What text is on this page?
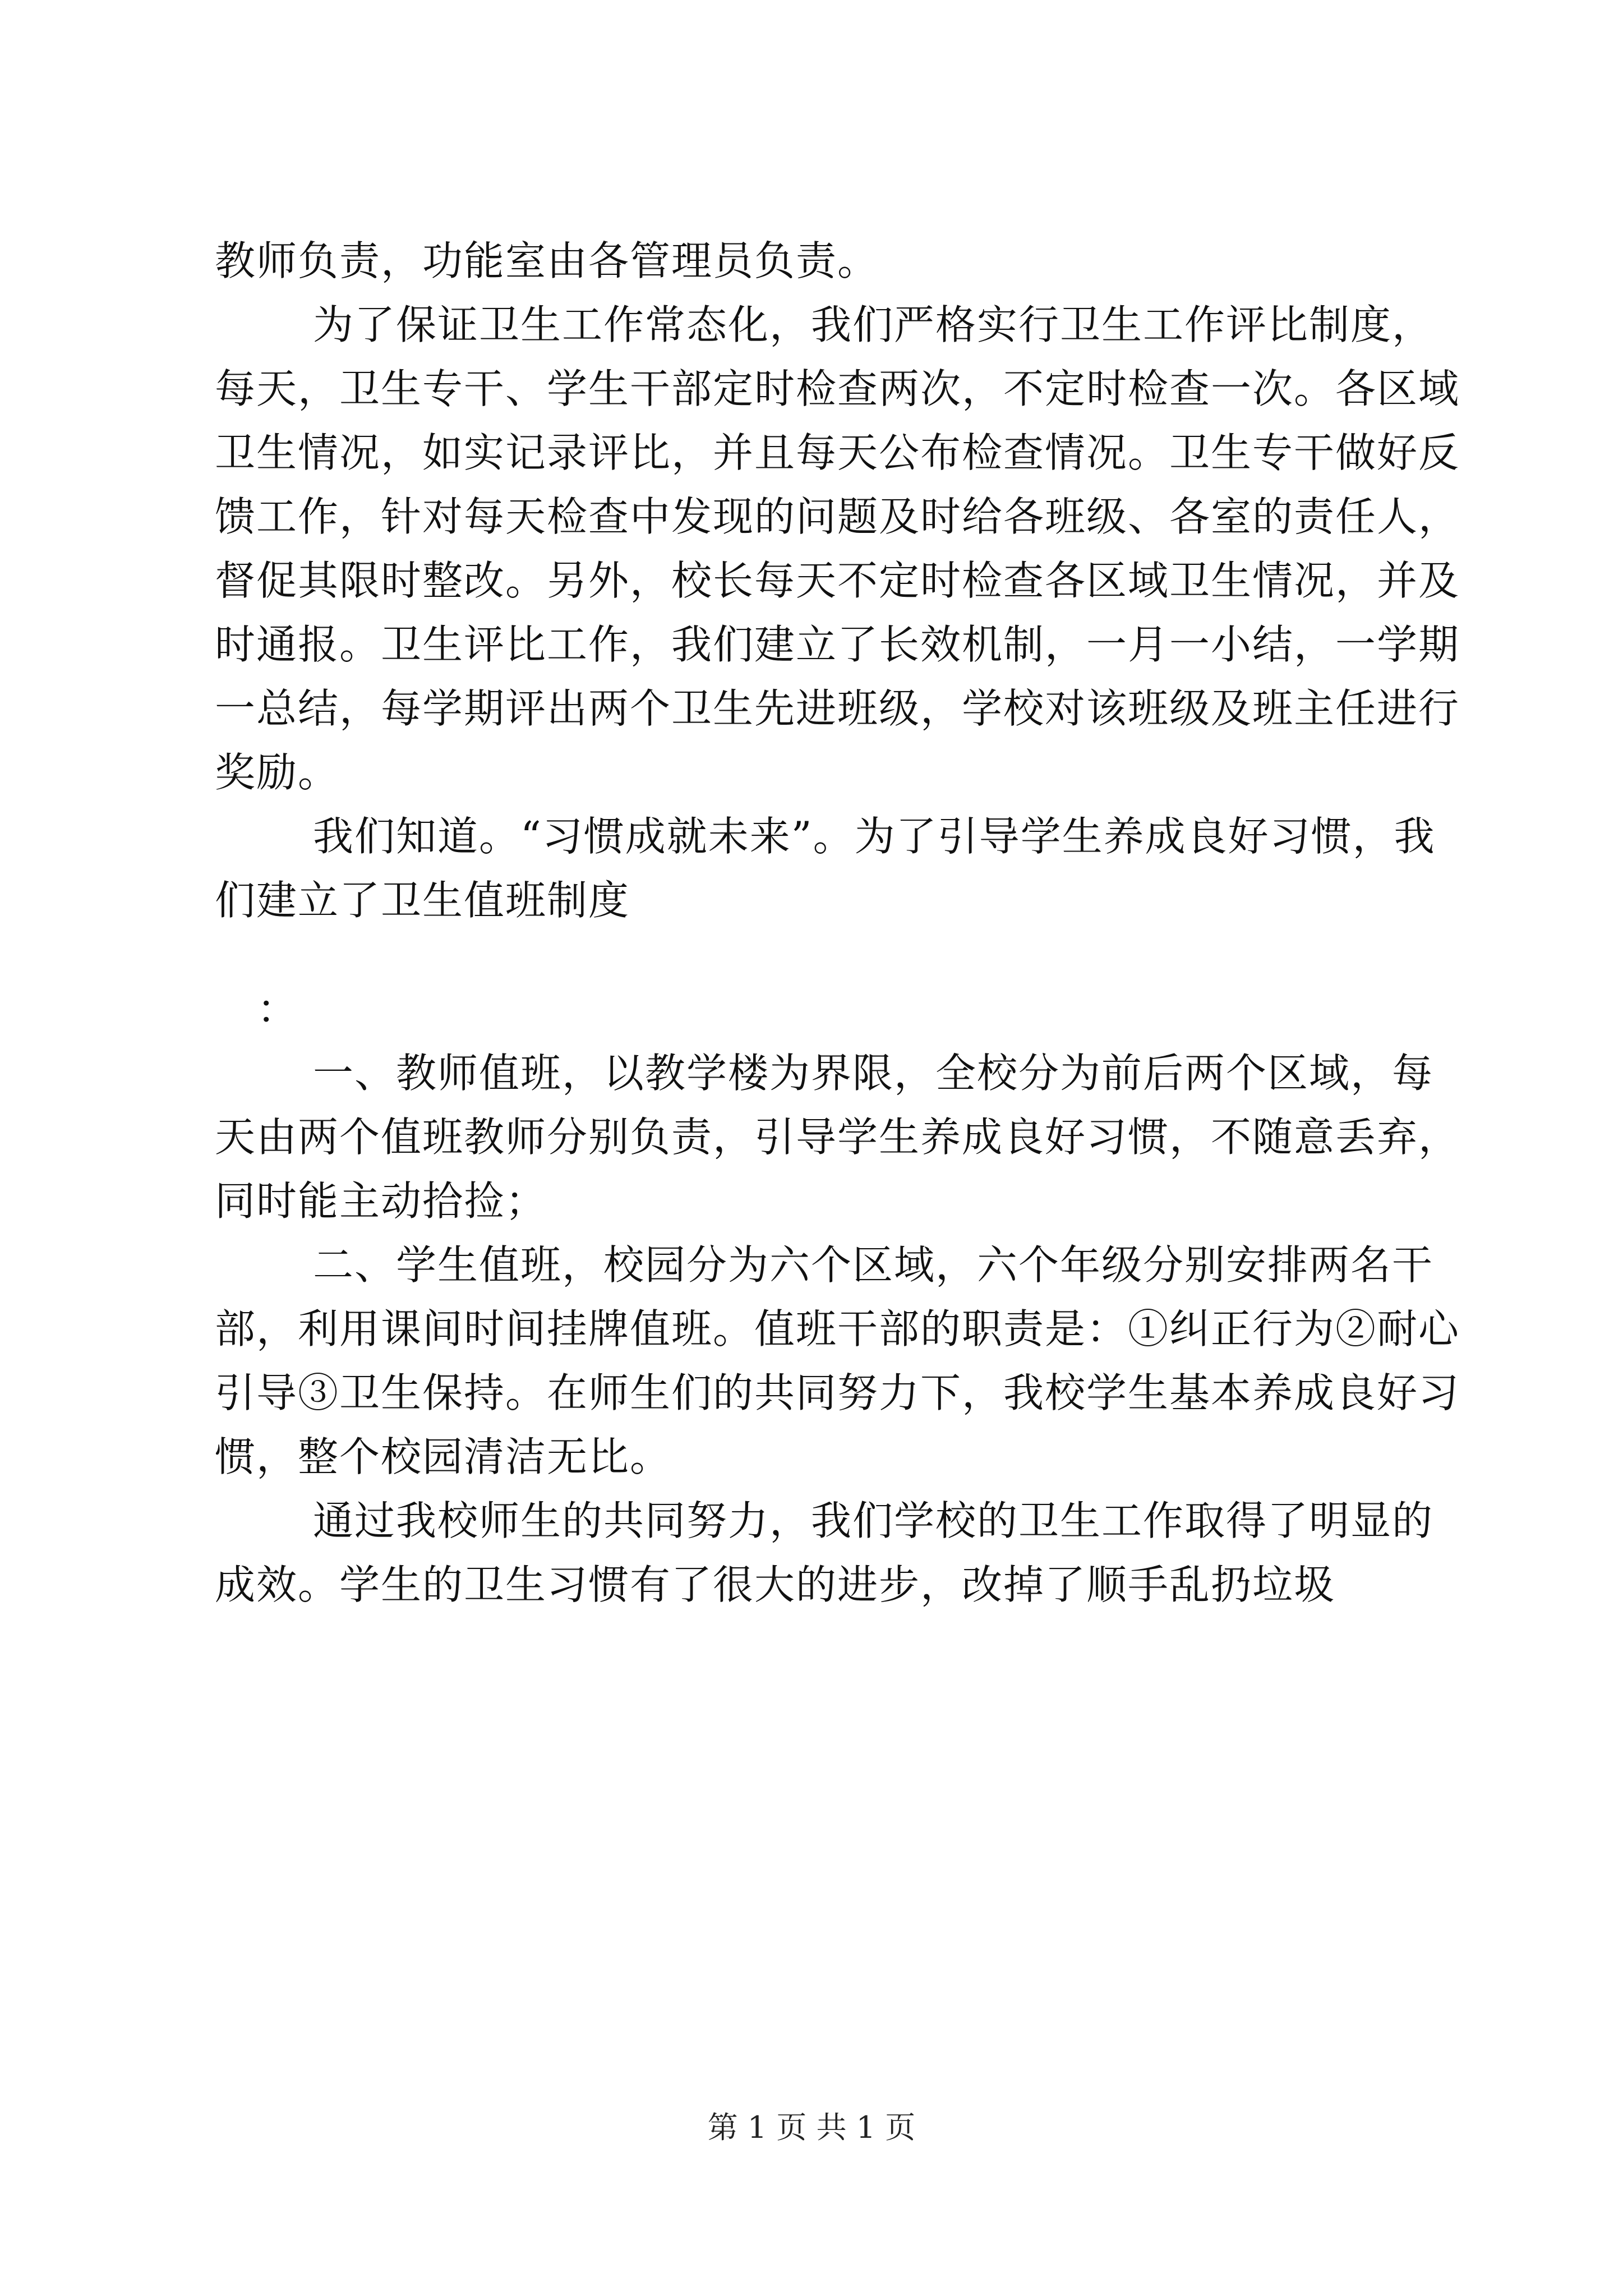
教师负责，功能室由各管理员负责。

为了保证卫生工作常态化，我们严格实行卫生工作评比制度，每天，卫生专干、学生干部定时检查两次，不定时检查一次。各区域卫生情况，如实记录评比，并且每天公布检查情况。卫生专干做好反馈工作，针对每天检查中发现的问题及时给各班级、各室的责任人，督促其限时整改。另外，校长每天不定时检查各区域卫生情况，并及时通报。卫生评比工作，我们建立了长效机制，一月一小结，一学期一总结，每学期评出两个卫生先进班级，学校对该班级及班主任进行奖励。

我们知道。“习惯成就未来”。为了引导学生养成良好习惯，我们建立了卫生值班制度

：

一、教师值班，以教学楼为界限，全校分为前后两个区域，每天由两个值班教师分别负责，引导学生养成良好习惯，不随意丢弃，同时能主动拾捡；

二、学生值班，校园分为六个区域，六个年级分别安排两名干部，利用课间时间挂牌值班。值班干部的职责是：①纠正行为②耐心引导③卫生保持。在师生们的共同努力下，我校学生基本养成良好习惯，整个校园清洁无比。

通过我校师生的共同努力，我们学校的卫生工作取得了明显的成效。学生的卫生习惯有了很大的进步，改掉了顺手乱扔垃圾

第 1 页 共 1 页
